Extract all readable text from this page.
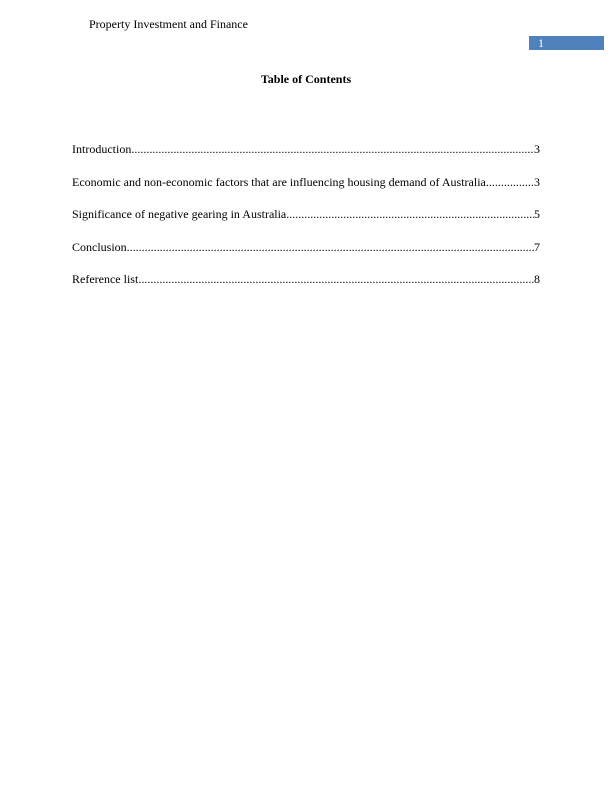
Property Investment and Finance
1
Table of Contents
Introduction .....	3
Economic and non-economic factors that are influencing housing demand of Australia .....	3
Significance of negative gearing in Australia .....	5
Conclusion .....	7
Reference list .....	8
